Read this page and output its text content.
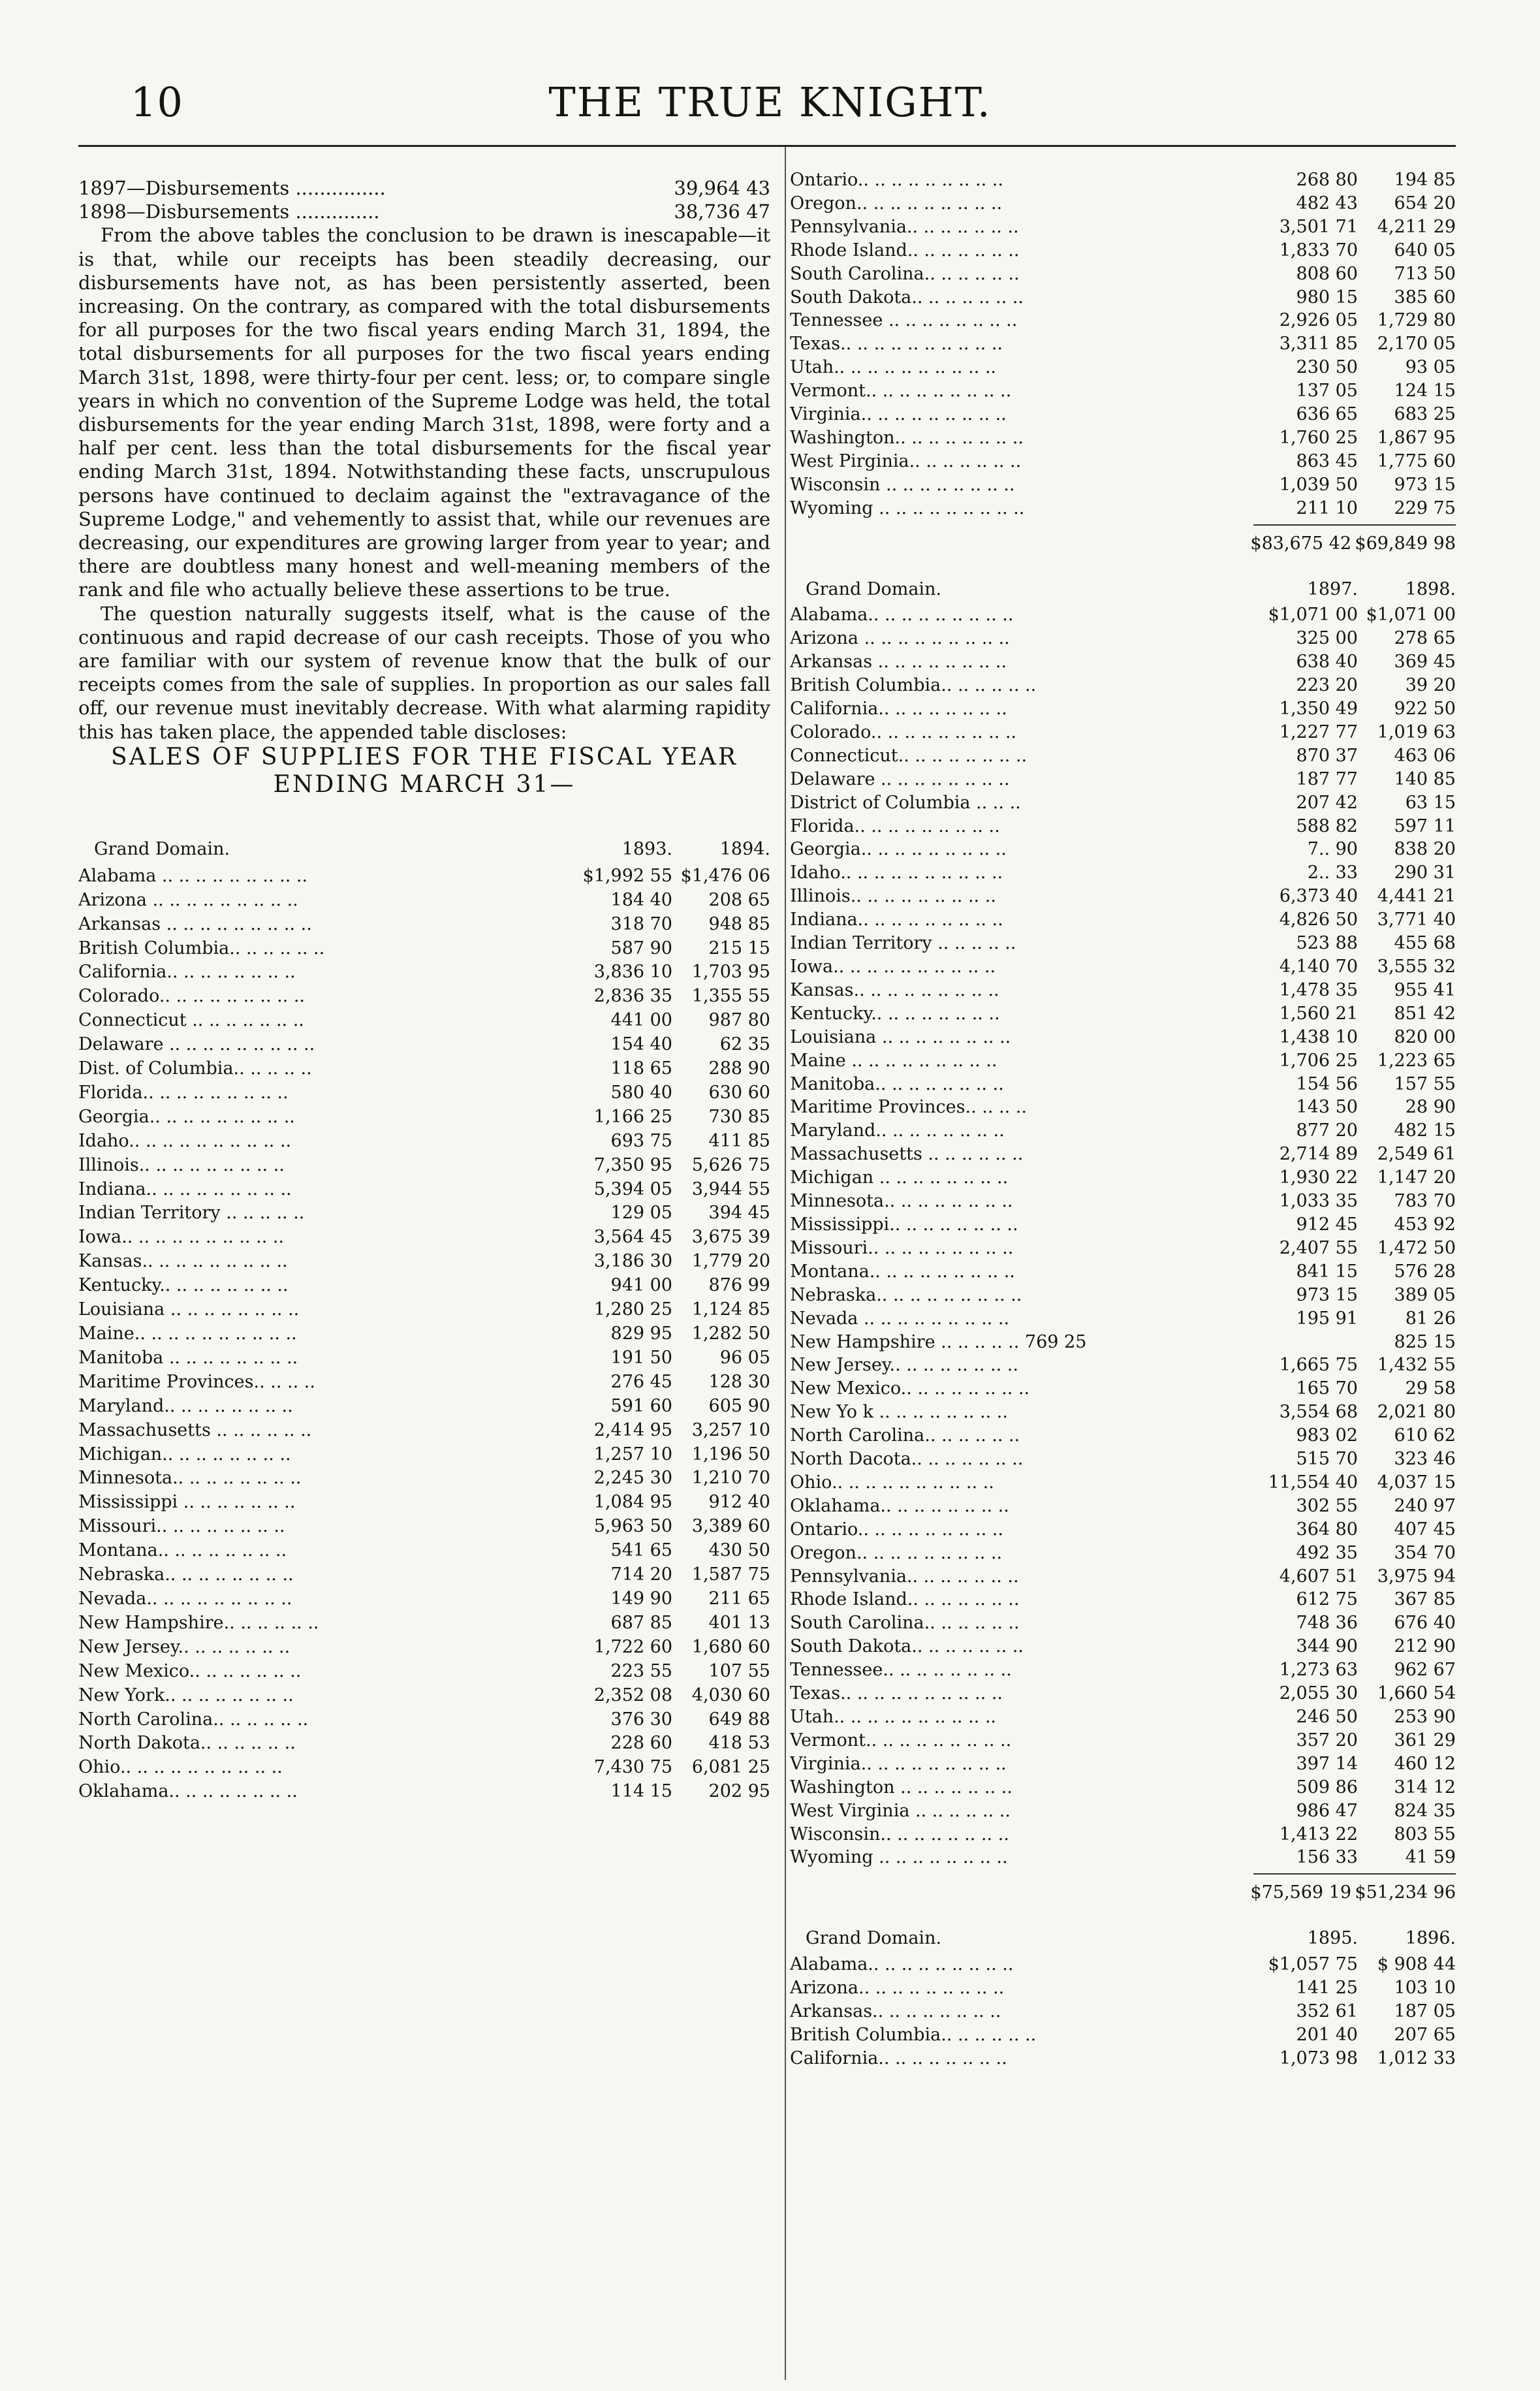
10	THE TRUE KNIGHT.
1897—Disbursements ...............	39,964 43
1898—Disbursements ..............	38,736 47

From the above tables the conclusion to be drawn is inescapable—it is that, while our receipts has been steadily decreasing, our disbursements have not, as has been persistently asserted, been increasing. On the contrary, as compared with the total disbursements for all purposes for the two fiscal years ending March 31, 1894, the total disbursements for all purposes for the two fiscal years ending March 31st, 1898, were thirty-four per cent. less; or, to compare single years in which no convention of the Supreme Lodge was held, the total disbursements for the year ending March 31st, 1898, were forty and a half per cent. less than the total disbursements for the fiscal year ending March 31st, 1894. Notwithstanding these facts, unscrupulous persons have continued to declaim against the "extravagance of the Supreme Lodge," and vehemently to assist that, while our revenues are decreasing, our expenditures are growing larger from year to year; and there are doubtless many honest and well-meaning members of the rank and file who actually believe these assertions to be true.

The question naturally suggests itself, what is the cause of the continuous and rapid decrease of our cash receipts. Those of you who are familiar with our system of revenue know that the bulk of our receipts comes from the sale of supplies. In proportion as our sales fall off, our revenue must inevitably decrease. With what alarming rapidity this has taken place, the appended table discloses:

SALES OF SUPPLIES FOR THE FISCAL YEAR ENDING MARCH 31—
Grand Domain.	1893.	1894.
Alabama .. .. .. .. .. .. .. .. ..	$1,992 55 $1,476 06
Arizona .. .. .. .. .. .. .. .. ..	184 40	208 65
Arkansas .. .. .. .. .. .. .. .. ..	318 70	948 85
British Columbia.. .. .. .. .. ..	587 90	215 15
California.. .. .. .. .. .. .. ..	3,836 10	1,703 95
Colorado.. .. .. .. .. .. .. .. ..	2,836 35	1,355 55
Connecticut .. .. .. .. .. .. ..	441 00	987 80
Delaware .. .. .. .. .. .. .. .. ..	154 40	62 35
Dist. of Columbia.. .. .. .. ..	118 65	288 90
Florida.. .. .. .. .. .. .. .. ..	580 40	630 60
Georgia.. .. .. .. .. .. .. .. ..	1,166 25	730 85
Idaho.. .. .. .. .. .. .. .. .. ..	693 75	411 85
Illinois.. .. .. .. .. .. .. .. ..	7,350 95	5,626 75
Indiana.. .. .. .. .. .. .. .. ..	5,394 05	3,944 55
Indian Territory .. .. .. .. ..	129 05	394 45
Iowa.. .. .. .. .. .. .. .. .. ..	3,564 45	3,675 39
Kansas.. .. .. .. .. .. .. .. ..	3,186 30	1,779 20
Kentucky.. .. .. .. .. .. .. ..	941 00	876 99
Louisiana .. .. .. .. .. .. .. ..	1,280 25	1,124 85
Maine.. .. .. .. .. .. .. .. .. ..	829 95	1,282 50
Manitoba .. .. .. .. .. .. .. ..	191 50	96 05
Maritime Provinces.. .. .. ..	276 45	128 30
Maryland.. .. .. .. .. .. .. ..	591 60	605 90
Massachusetts .. .. .. .. .. ..	2,414 95	3,257 10
Michigan.. .. .. .. .. .. .. ..	1,257 10	1,196 50
Minnesota.. .. .. .. .. .. .. ..	2,245 30	1,210 70
Mississippi .. .. .. .. .. .. ..	1,084 95	912 40
Missouri.. .. .. .. .. .. .. ..	5,963 50	3,389 60
Montana.. .. .. .. .. .. .. ..	541 65	430 50
Nebraska.. .. .. .. .. .. .. ..	714 20	1,587 75
Nevada.. .. .. .. .. .. .. .. ..	149 90	211 65
New Hampshire.. .. .. .. .. ..	687 85	401 13
New Jersey.. .. .. .. .. .. ..	1,722 60	1,680 60
New Mexico.. .. .. .. .. .. ..	223 55	107 55
New York.. .. .. .. .. .. .. ..	2,352 08	4,030 60
North Carolina.. .. .. .. .. ..	376 30	649 88
North Dakota.. .. .. .. .. ..	228 60	418 53
Ohio.. .. .. .. .. .. .. .. .. ..	7,430 75	6,081 25
Oklahama.. .. .. .. .. .. .. ..	114 15	202 95
Ontario.. .. .. .. .. .. .. .. ..	268 80	194 85
Oregon.. .. .. .. .. .. .. .. ..	482 43	654 20
Pennsylvania.. .. .. .. .. .. ..	3,501 71	4,211 29
Rhode Island.. .. .. .. .. .. ..	1,833 70	640 05
South Carolina.. .. .. .. .. ..	808 60	713 50
South Dakota.. .. .. .. .. .. ..	980 15	385 60
Tennessee .. .. .. .. .. .. .. ..	2,926 05	1,729 80
Texas.. .. .. .. .. .. .. .. .. ..	3,311 85	2,170 05
Utah.. .. .. .. .. .. .. .. .. ..	230 50	93 05
Vermont.. .. .. .. .. .. .. .. ..	137 05	124 15
Virginia.. .. .. .. .. .. .. .. ..	636 65	683 25
Washington.. .. .. .. .. .. .. ..	1,760 25	1,867 95
West Pirginia.. .. .. .. .. .. ..	863 45	1,775 60
Wisconsin .. .. .. .. .. .. .. ..	1,039 50	973 15
Wyoming .. .. .. .. .. .. .. .. ..	211 10	229 75
$83,675 42 $69,849 98
Grand Domain.	1897.	1898.
Alabama.. .. .. .. .. .. .. .. ..	$1,071 00 $1,071 00
Arizona .. .. .. .. .. .. .. .. ..	325 00	278 65
Arkansas .. .. .. .. .. .. .. ..	638 40	369 45
British Columbia.. .. .. .. .. ..	223 20	39 20
California.. .. .. .. .. .. .. ..	1,350 49	922 50
Colorado.. .. .. .. .. .. .. .. ..	1,227 77	1,019 63
Connecticut.. .. .. .. .. .. .. ..	870 37	463 06
Delaware .. .. .. .. .. .. .. ..	187 77	140 85
District of Columbia .. .. ..	207 42	63 15
Florida.. .. .. .. .. .. .. .. ..	588 82	597 11
Georgia.. .. .. .. .. .. .. .. ..	7.. 90	838 20
Idaho.. .. .. .. .. .. .. .. .. ..	2.. 33	290 31
Illinois.. .. .. .. .. .. .. .. ..	6,373 40	4,441 21
Indiana.. .. .. .. .. .. .. .. ..	4,826 50	3,771 40
Indian Territory .. .. .. .. ..	523 88	455 68
Iowa.. .. .. .. .. .. .. .. .. ..	4,140 70	3,555 32
Kansas.. .. .. .. .. .. .. .. ..	1,478 35	955 41
Kentucky.. .. .. .. .. .. .. ..	1,560 21	851 42
Louisiana .. .. .. .. .. .. .. ..	1,438 10	820 00
Maine .. .. .. .. .. .. .. .. ..	1,706 25	1,223 65
Manitoba.. .. .. .. .. .. .. ..	154 56	157 55
Maritime Provinces.. .. .. ..	143 50	28 90
Maryland.. .. .. .. .. .. .. ..	877 20	482 15
Massachusetts .. .. .. .. .. ..	2,714 89	2,549 61
Michigan .. .. .. .. .. .. .. ..	1,930 22	1,147 20
Minnesota.. .. .. .. .. .. .. ..	1,033 35	783 70
Mississippi.. .. .. .. .. .. .. ..	912 45	453 92
Missouri.. .. .. .. .. .. .. .. ..	2,407 55	1,472 50
Montana.. .. .. .. .. .. .. .. ..	841 15	576 28
Nebraska.. .. .. .. .. .. .. .. ..	973 15	389 05
Nevada .. .. .. .. .. .. .. .. ..	195 91	81 26
New Hampshire .. .. .. .. .. 769 25	825 15
New Jersey.. .. .. .. .. .. .. ..	1,665 75	1,432 55
New Mexico.. .. .. .. .. .. .. ..	165 70	29 58
New Yo k .. .. .. .. .. .. .. ..	3,554 68	2,021 80
North Carolina.. .. .. .. .. ..	983 02	610 62
North Dacota.. .. .. .. .. .. ..	515 70	323 46
Ohio.. .. .. .. .. .. .. .. .. ..	11,554 40	4,037 15
Oklahama.. .. .. .. .. .. .. ..	302 55	240 97
Ontario.. .. .. .. .. .. .. .. ..	364 80	407 45
Oregon.. .. .. .. .. .. .. .. ..	492 35	354 70
Pennsylvania.. .. .. .. .. .. ..	4,607 51	3,975 94
Rhode Island.. .. .. .. .. .. ..	612 75	367 85
South Carolina.. .. .. .. .. ..	748 36	676 40
South Dakota.. .. .. .. .. .. ..	344 90	212 90
Tennessee.. .. .. .. .. .. .. ..	1,273 63	962 67
Texas.. .. .. .. .. .. .. .. .. ..	2,055 30	1,660 54
Utah.. .. .. .. .. .. .. .. .. ..	246 50	253 90
Vermont.. .. .. .. .. .. .. .. ..	357 20	361 29
Virginia.. .. .. .. .. .. .. .. ..	397 14	460 12
Washington .. .. .. .. .. .. ..	509 86	314 12
West Virginia .. .. .. .. .. ..	986 47	824 35
Wisconsin.. .. .. .. .. .. .. ..	1,413 22	803 55
Wyoming .. .. .. .. .. .. .. ..	156 33	41 59
$75,569 19 $51,234 96
Grand Domain.	1895.	1896.
Alabama.. .. .. .. .. .. .. .. ..	$1,057 75	$ 908 44
Arizona.. .. .. .. .. .. .. .. ..	141 25	103 10
Arkansas.. .. .. .. .. .. .. ..	352 61	187 05
British Columbia.. .. .. .. .. ..	201 40	207 65
California.. .. .. .. .. .. .. ..	1,073 98	1,012 33
